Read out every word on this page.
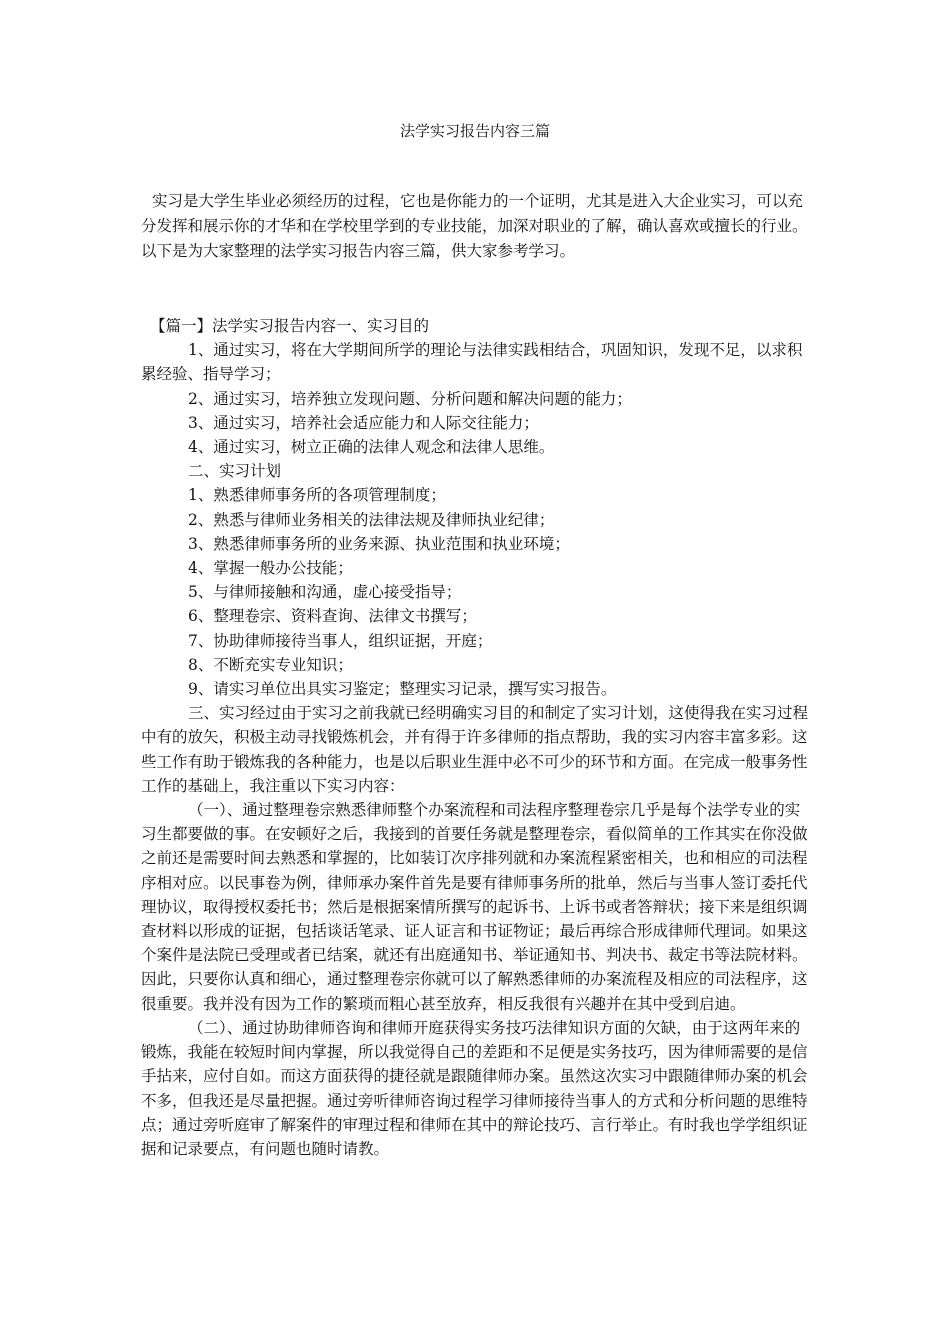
法学实习报告内容三篇
实习是大学生毕业必须经历的过程，它也是你能力的一个证明，尤其是进入大企业实习，可以充分发挥和展示你的才华和在学校里学到的专业技能，加深对职业的了解，确认喜欢或擅长的行业。以下是为大家整理的法学实习报告内容三篇，供大家参考学习。

【篇一】法学实习报告内容一、实习目的

1、通过实习，将在大学期间所学的理论与法律实践相结合，巩固知识，发现不足，以求积累经验、指导学习；

2、通过实习，培养独立发现问题、分析问题和解决问题的能力；

3、通过实习，培养社会适应能力和人际交往能力；

4、通过实习，树立正确的法律人观念和法律人思维。

二、实习计划

1、熟悉律师事务所的各项管理制度；

2、熟悉与律师业务相关的法律法规及律师执业纪律；

3、熟悉律师事务所的业务来源、执业范围和执业环境；

4、掌握一般办公技能；

5、与律师接触和沟通，虚心接受指导；

6、整理卷宗、资料查询、法律文书撰写；

7、协助律师接待当事人，组织证据，开庭；

8、不断充实专业知识；

9、请实习单位出具实习鉴定；整理实习记录，撰写实习报告。

三、实习经过由于实习之前我就已经明确实习目的和制定了实习计划，这使得我在实习过程中有的放矢，积极主动寻找锻炼机会，并有得于许多律师的指点帮助，我的实习内容丰富多彩。这些工作有助于锻炼我的各种能力，也是以后职业生涯中必不可少的环节和方面。在完成一般事务性工作的基础上，我注重以下实习内容：

（一）、通过整理卷宗熟悉律师整个办案流程和司法程序整理卷宗几乎是每个法学专业的实习生都要做的事。在安顿好之后，我接到的首要任务就是整理卷宗，看似简单的工作其实在你没做之前还是需要时间去熟悉和掌握的，比如装订次序排列就和办案流程紧密相关，也和相应的司法程序相对应。以民事卷为例，律师承办案件首先是要有律师事务所的批单，然后与当事人签订委托代理协议，取得授权委托书；然后是根据案情所撰写的起诉书、上诉书或者答辩状；接下来是组织调查材料以形成的证据，包括谈话笔录、证人证言和书证物证；最后再综合形成律师代理词。如果这个案件是法院已受理或者已结案，就还有出庭通知书、举证通知书、判决书、裁定书等法院材料。因此，只要你认真和细心，通过整理卷宗你就可以了解熟悉律师的办案流程及相应的司法程序，这很重要。我并没有因为工作的繁琐而粗心甚至放弃，相反我很有兴趣并在其中受到启迪。

（二）、通过协助律师咨询和律师开庭获得实务技巧法律知识方面的欠缺，由于这两年来的锻炼，我能在较短时间内掌握，所以我觉得自己的差距和不足便是实务技巧，因为律师需要的是信手拈来，应付自如。而这方面获得的捷径就是跟随律师办案。虽然这次实习中跟随律师办案的机会不多，但我还是尽量把握。通过旁听律师咨询过程学习律师接待当事人的方式和分析问题的思维特点；通过旁听庭审了解案件的审理过程和律师在其中的辩论技巧、言行举止。有时我也学学组织证据和记录要点，有问题也随时请教。
